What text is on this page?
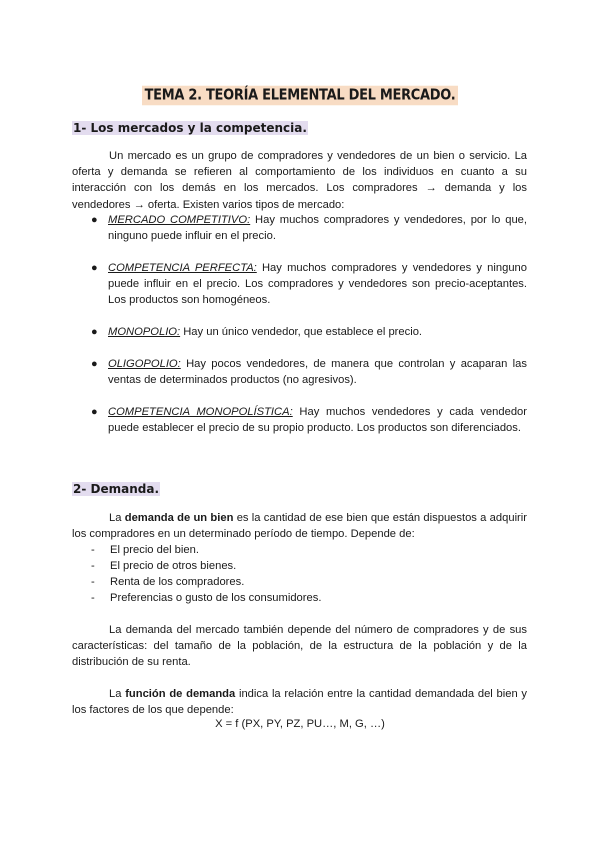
TEMA 2. TEORÍA ELEMENTAL DEL MERCADO.
1- Los mercados y la competencia.
Un mercado es un grupo de compradores y vendedores de un bien o servicio. La oferta y demanda se refieren al comportamiento de los individuos en cuanto a su interacción con los demás en los mercados. Los compradores → demanda y los vendedores → oferta. Existen varios tipos de mercado:
● MERCADO COMPETITIVO: Hay muchos compradores y vendedores, por lo que, ninguno puede influir en el precio.
● COMPETENCIA PERFECTA: Hay muchos compradores y vendedores y ninguno puede influir en el precio. Los compradores y vendedores son precio-aceptantes. Los productos son homogéneos.
● MONOPOLIO: Hay un único vendedor, que establece el precio.
● OLIGOPOLIO: Hay pocos vendedores, de manera que controlan y acaparan las ventas de determinados productos (no agresivos).
● COMPETENCIA MONOPOLÍSTICA: Hay muchos vendedores y cada vendedor puede establecer el precio de su propio producto. Los productos son diferenciados.
2- Demanda.
La demanda de un bien es la cantidad de ese bien que están dispuestos a adquirir los compradores en un determinado período de tiempo. Depende de:
- El precio del bien.
- El precio de otros bienes.
- Renta de los compradores.
- Preferencias o gusto de los consumidores.
La demanda del mercado también depende del número de compradores y de sus características: del tamaño de la población, de la estructura de la población y de la distribución de su renta.
La función de demanda indica la relación entre la cantidad demandada del bien y los factores de los que depende:
X = f (PX, PY, PZ, PU…, M, G, …)
